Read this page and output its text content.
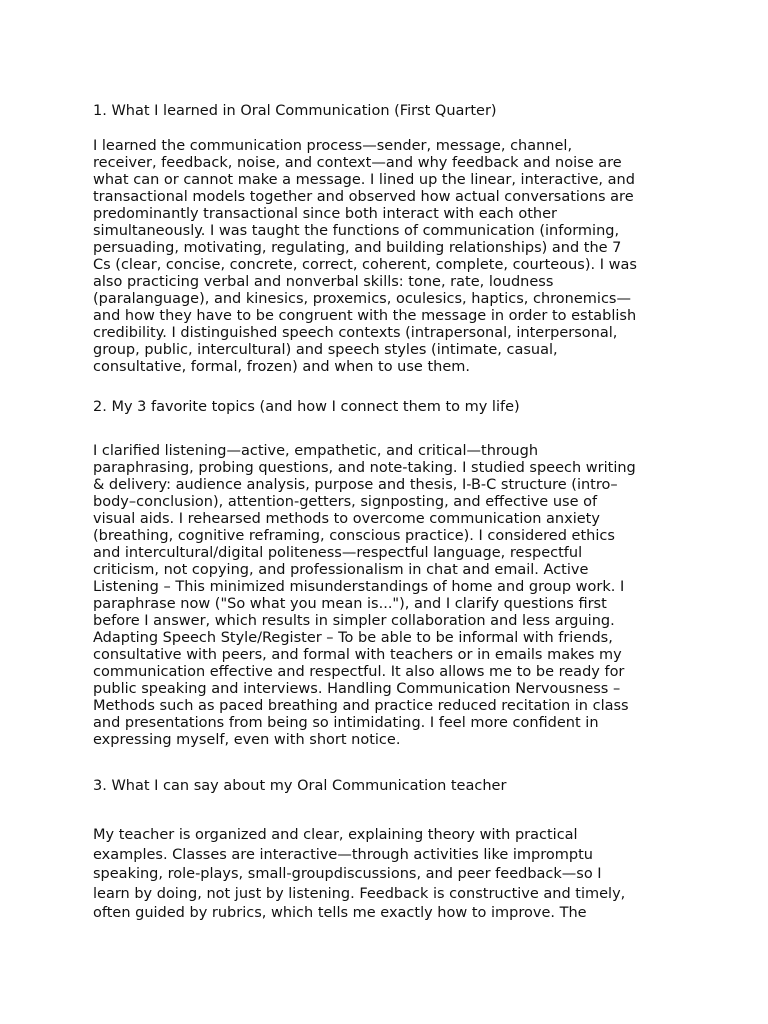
1. What I learned in Oral Communication (First Quarter)

I learned the communication process—sender, message, channel,
receiver, feedback, noise, and context—and why feedback and noise are
what can or cannot make a message. I lined up the linear, interactive, and
transactional models together and observed how actual conversations are
predominantly transactional since both interact with each other
simultaneously. I was taught the functions of communication (informing,
persuading, motivating, regulating, and building relationships) and the 7
Cs (clear, concise, concrete, correct, coherent, complete, courteous). I was
also practicing verbal and nonverbal skills: tone, rate, loudness
(paralanguage), and kinesics, proxemics, oculesics, haptics, chronemics—
and how they have to be congruent with the message in order to establish
credibility. I distinguished speech contexts (intrapersonal, interpersonal,
group, public, intercultural) and speech styles (intimate, casual,
consultative, formal, frozen) and when to use them.

2. My 3 favorite topics (and how I connect them to my life)

I clarified listening—active, empathetic, and critical—through
paraphrasing, probing questions, and note-taking. I studied speech writing
& delivery: audience analysis, purpose and thesis, I-B-C structure (intro–
body–conclusion), attention-getters, signposting, and effective use of
visual aids. I rehearsed methods to overcome communication anxiety
(breathing, cognitive reframing, conscious practice). I considered ethics
and intercultural/digital politeness—respectful language, respectful
criticism, not copying, and professionalism in chat and email. Active
Listening – This minimized misunderstandings of home and group work. I
paraphrase now ("So what you mean is..."), and I clarify questions first
before I answer, which results in simpler collaboration and less arguing.
Adapting Speech Style/Register – To be able to be informal with friends,
consultative with peers, and formal with teachers or in emails makes my
communication effective and respectful. It also allows me to be ready for
public speaking and interviews. Handling Communication Nervousness –
Methods such as paced breathing and practice reduced recitation in class
and presentations from being so intimidating. I feel more confident in
expressing myself, even with short notice.

3. What I can say about my Oral Communication teacher

My teacher is organized and clear, explaining theory with practical
examples. Classes are interactive—through activities like impromptu
speaking, role-plays, small-groupdiscussions, and peer feedback—so I
learn by doing, not just by listening. Feedback is constructive and timely,
often guided by rubrics, which tells me exactly how to improve. The
